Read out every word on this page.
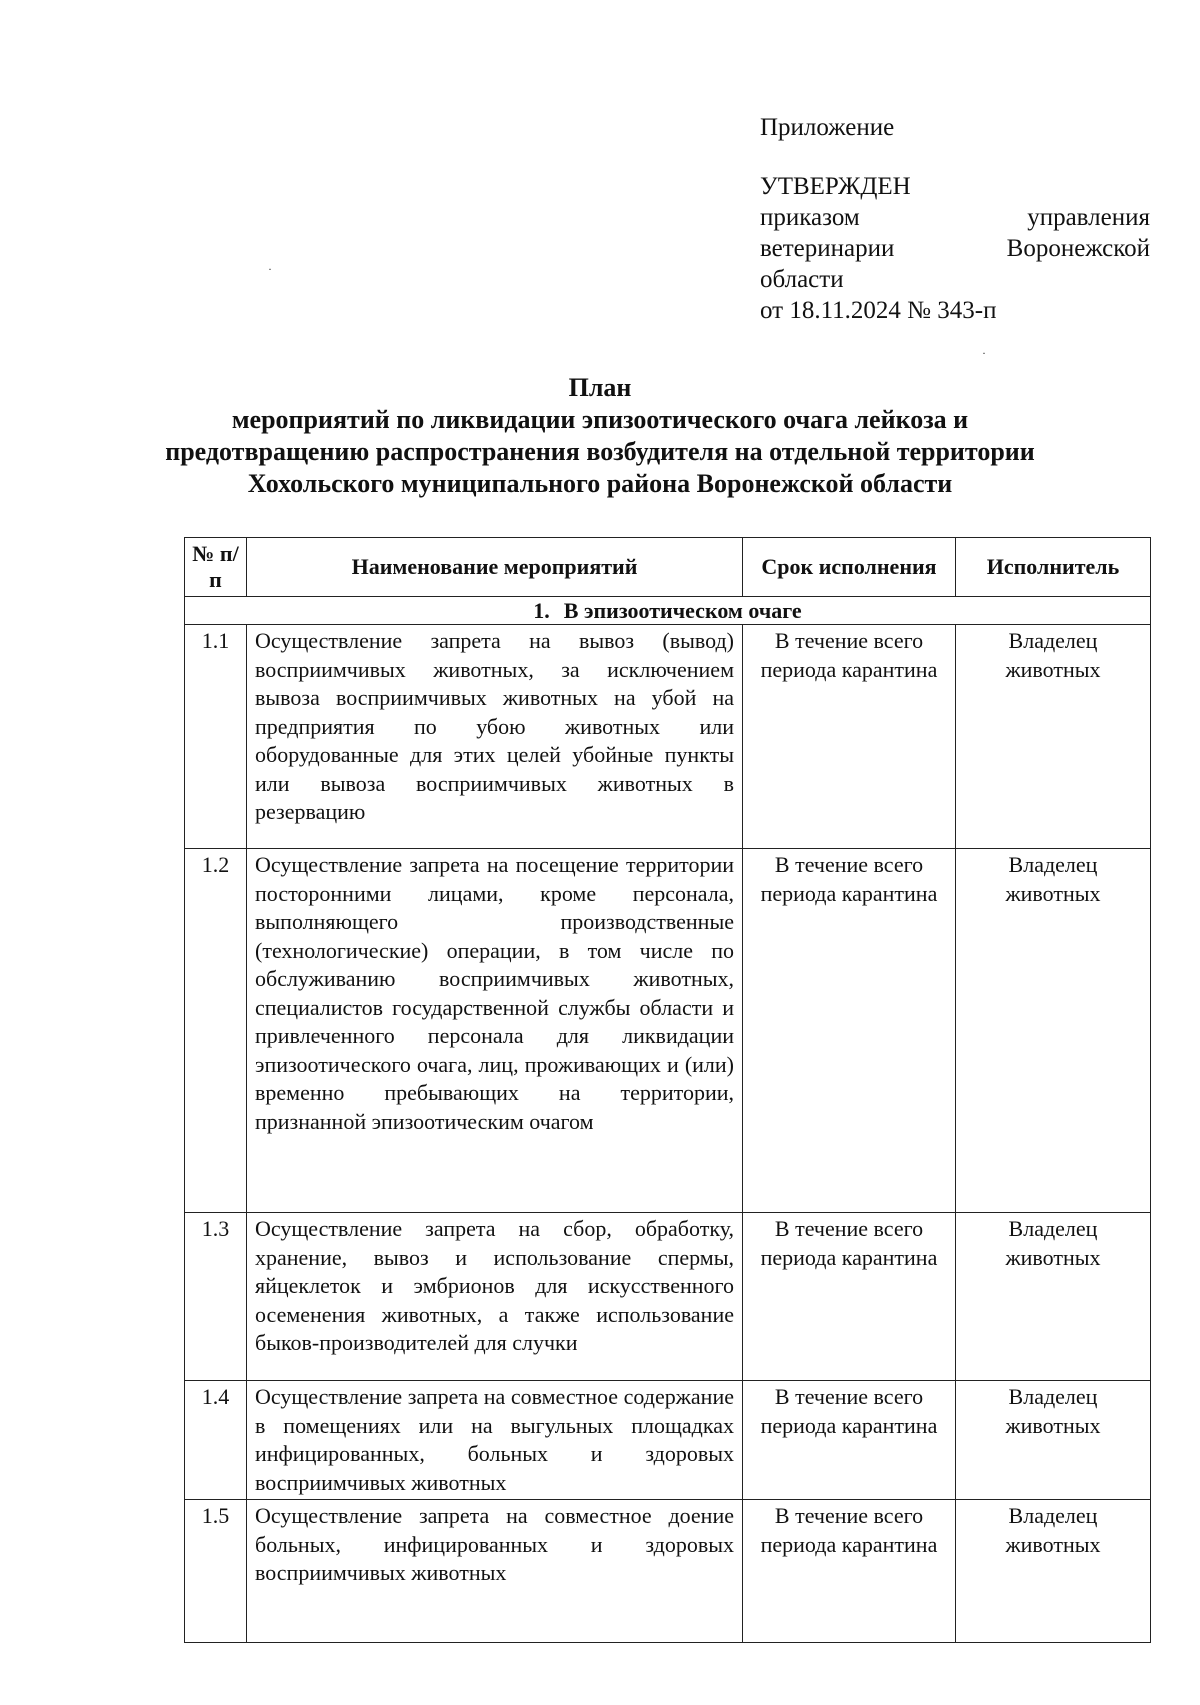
Приложение
УТВЕРЖДЕН
приказом управления
ветеринарии Воронежской
области
от 18.11.2024 № 343-п
·
·
План
мероприятий по ликвидации эпизоотического очага лейкоза и
предотвращению распространения возбудителя на отдельной территории
Хохольского муниципального района Воронежской области
№ п/п	Наименование мероприятий	Срок исполнения	Исполнитель
1. В эпизоотическом очаге			
1.1	Осуществление запрета на вывоз (вывод) восприимчивых животных, за исключением вывоза восприимчивых животных на убой на предприятия по убою животных или оборудованные для этих целей убойные пункты или вывоза восприимчивых животных в резервацию	В течение всего периода карантина	Владелец животных
1.2	Осуществление запрета на посещение территории посторонними лицами, кроме персонала, выполняющего производственные (технологические) операции, в том числе по обслуживанию восприимчивых животных, специалистов государственной службы области и привлеченного персонала для ликвидации эпизоотического очага, лиц, проживающих и (или) временно пребывающих на территории, признанной эпизоотическим очагом	В течение всего периода карантина	Владелец животных
1.3	Осуществление запрета на сбор, обработку, хранение, вывоз и использование спермы, яйцеклеток и эмбрионов для искусственного осеменения животных, а также использование быков-производителей для случки	В течение всего периода карантина	Владелец животных
1.4	Осуществление запрета на совместное содержание в помещениях или на выгульных площадках инфицированных, больных и здоровых восприимчивых животных	В течение всего периода карантина	Владелец животных
1.5	Осуществление запрета на совместное доение больных, инфицированных и здоровых восприимчивых животных	В течение всего периода карантина	Владелец животных
